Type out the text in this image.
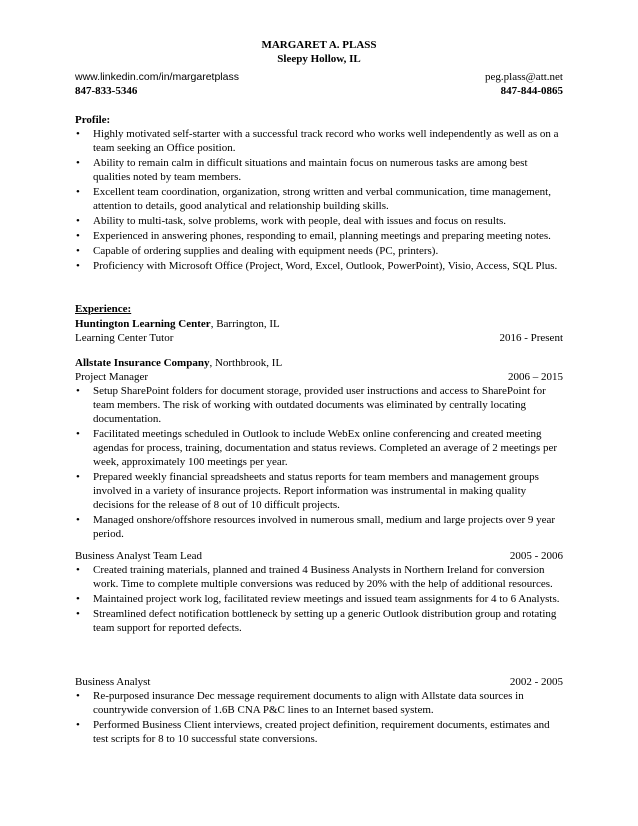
MARGARET A. PLASS
Sleepy Hollow, IL
www.linkedin.com/in/margaretplass	peg.plass@att.net
847-833-5346	847-844-0865
Profile:
• Highly motivated self-starter with a successful track record who works well independently as well as on a team seeking an Office position.
• Ability to remain calm in difficult situations and maintain focus on numerous tasks are among best qualities noted by team members.
• Excellent team coordination, organization, strong written and verbal communication, time management, attention to details, good analytical and relationship building skills.
• Ability to multi-task, solve problems, work with people, deal with issues and focus on results.
• Experienced in answering phones, responding to email, planning meetings and preparing meeting notes.
• Capable of ordering supplies and dealing with equipment needs (PC, printers).
• Proficiency with Microsoft Office (Project, Word, Excel, Outlook, PowerPoint), Visio, Access, SQL Plus.
Experience:
Huntington Learning Center, Barrington, IL
Learning Center Tutor	2016 - Present
Allstate Insurance Company, Northbrook, IL
Project Manager	2006 – 2015
• Setup SharePoint folders for document storage, provided user instructions and access to SharePoint for team members. The risk of working with outdated documents was eliminated by centrally locating documentation.
• Facilitated meetings scheduled in Outlook to include WebEx online conferencing and created meeting agendas for process, training, documentation and status reviews. Completed an average of 2 meetings per week, approximately 100 meetings per year.
• Prepared weekly financial spreadsheets and status reports for team members and management groups involved in a variety of insurance projects. Report information was instrumental in making quality decisions for the release of 8 out of 10 difficult projects.
• Managed onshore/offshore resources involved in numerous small, medium and large projects over 9 year period.
Business Analyst Team Lead	2005 - 2006
• Created training materials, planned and trained 4 Business Analysts in Northern Ireland for conversion work. Time to complete multiple conversions was reduced by 20% with the help of additional resources.
• Maintained project work log, facilitated review meetings and issued team assignments for 4 to 6 Analysts.
• Streamlined defect notification bottleneck by setting up a generic Outlook distribution group and rotating team support for reported defects.
Business Analyst	2002 - 2005
• Re-purposed insurance Dec message requirement documents to align with Allstate data sources in countrywide conversion of 1.6B CNA P&C lines to an Internet based system.
• Performed Business Client interviews, created project definition, requirement documents, estimates and test scripts for 8 to 10 successful state conversions.
